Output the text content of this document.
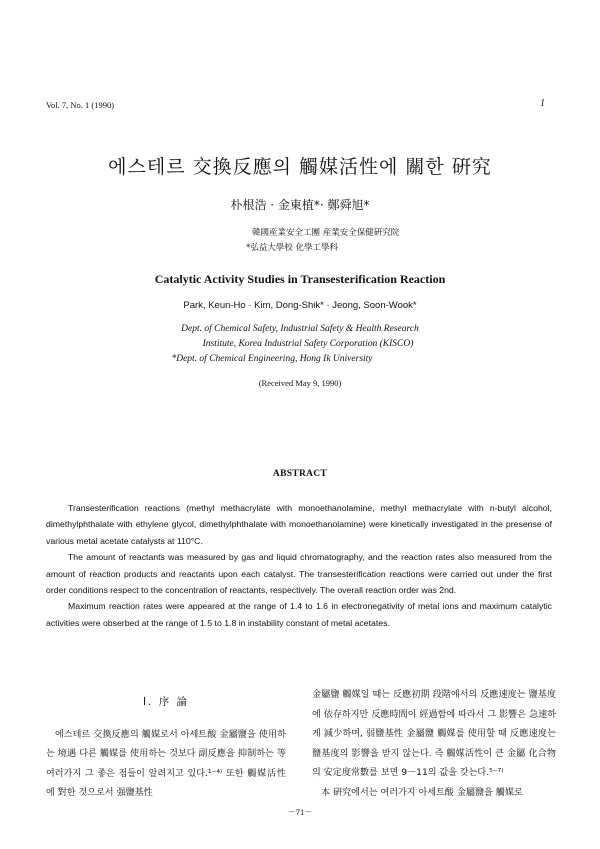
Vol. 7, No. 1 (1990)	1
에스테르 交換反應의 觸媒活性에 關한 硏究
朴根浩 · 金東植*· 鄭舜旭*
韓國産業安全工團 産業安全保健硏究院
*弘益大學校 化學工學科
Catalytic Activity Studies in Transesterification Reaction
Park, Keun-Ho · Kim, Dong-Shik* · Jeong, Soon-Wook*
Dept. of Chemical Safety, Industrial Safety & Health Research
Institute, Korea Industrial Safety Corporation (KISCO)
*Dept. of Chemical Engineering, Hong Ik University
(Received May 9, 1990)
ABSTRACT

Transesterification reactions (methyl methacrylate with monoethanolamine, methyl methacrylate with n-butyl alcohol, dimethylphthalate with ethylene glycol, dimethylphthalate with monoethanolamine) were kinetically investigated in the presense of various metal acetate catalysts at 110°C.

The amount of reactants was measured by gas and liquid chromatography, and the reaction rates also measured from the amount of reaction products and reactants upon each catalyst. The transesterification reactions were carried out under the first order conditions respect to the concentration of reactants, respectively. The overall reaction order was 2nd.

Maximum reaction rates were appeared at the range of 1.4 to 1.6 in electronegativity of metal ions and maximum catalytic activities were obserbed at the range of 1.5 to 1.8 in instability constant of metal acetates.

Ⅰ. 序 論

에스테르 交換反應의 觸媒로서 아세트酸 金屬鹽을 使用하는 境遇 다른 觸媒를 使用하는 것보다 副反應을 抑制하는 等 여러가지 그 좋은 점들이 알려지고 있다.¹⁻⁴⁾ 또한 觸媒活性에 對한 것으로서 强鹽基性

金屬鹽 觸媒일 때는 反應初期 段階에서의 反應速度는 鹽基度에 依存하지만 反應時間이 經過함에 따라서 그 影響은 急速하게 減少하며, 弱鹽基性 金屬鹽 觸媒를 使用할 때 反應速度는 鹽基度의 影響을 받지 않는다. 즉 觸媒活性이 큰 金屬 化合物의 安定度常數를 보면 9－11의 값을 갖는다.⁵⁻⁷⁾

本 硏究에서는 여러가지 아세트酸 金屬鹽을 觸媒로

－71－
